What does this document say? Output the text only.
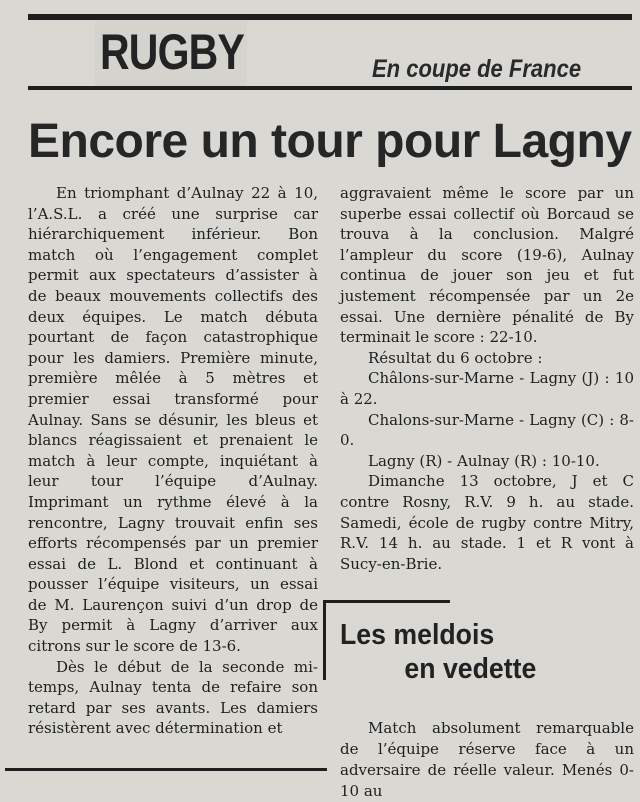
RUGBY	En coupe de France
Encore un tour pour Lagny

En triomphant d’Aulnay 22 à 10, l’A.S.L. a créé une surprise car hiérarchiquement inférieur. Bon match où l’engagement complet permit aux spectateurs d’assister à de beaux mouvements collectifs des deux équipes. Le match débuta pourtant de façon catastrophique pour les damiers. Première minute, première mêlée à 5 mètres et premier essai transformé pour Aulnay. Sans se désunir, les bleus et blancs réagissaient et prenaient le match à leur compte, inquiétant à leur tour l’équipe d’Aulnay. Imprimant un rythme élevé à la rencontre, Lagny trouvait enfin ses efforts récompensés par un premier essai de L. Blond et continuant à pousser l’équipe visiteurs, un essai de M. Laurençon suivi d’un drop de By permit à Lagny d’arriver aux citrons sur le score de 13-6.

Dès le début de la seconde mi-temps, Aulnay tenta de refaire son retard par ses avants. Les damiers résistèrent avec détermination et

aggravaient même le score par un superbe essai collectif où Borcaud se trouva à la conclusion. Malgré l’ampleur du score (19-6), Aulnay continua de jouer son jeu et fut justement récompensée par un 2e essai. Une dernière pénalité de By terminait le score : 22-10.

Résultat du 6 octobre :

Châlons-sur-Marne - Lagny (J) : 10 à 22.

Chalons-sur-Marne - Lagny (C) : 8-0.

Lagny (R) - Aulnay (R) : 10-10.

Dimanche 13 octobre, J et C contre Rosny, R.V. 9 h. au stade. Samedi, école de rugby contre Mitry, R.V. 14 h. au stade. 1 et R vont à Sucy-en-Brie.

Les meldois
en vedette

Match absolument remarquable de l’équipe réserve face à un adversaire de réelle valeur. Menés 0-10 au
